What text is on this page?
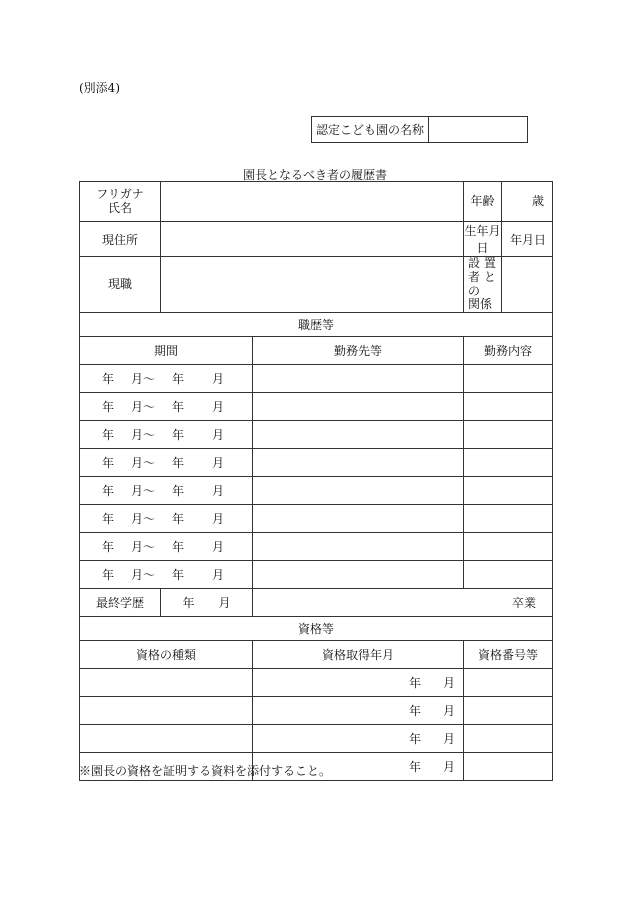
(別添4)
認定こども園の名称
園長となるべき者の履歴書
フリガナ
氏名			年齢	歳
現住所			生年月日	年 月 日

現職			設 置 者 と の
関係	

職歴等				
期間		勤務先等	勤務内容	

年 月〜 年 月				

年 月〜 年 月				

年 月〜 年 月				

年 月〜 年 月				

年 月〜 年 月				

年 月〜 年 月				

年 月〜 年 月				

年 月〜 年 月				

最終学歴	年 月	卒業		
資格等				
資格の種類		資格取得年月	資格番号等	

		年 月		

		年 月		

		年 月		

		年 月		

※園長の資格を証明する資料を添付すること。
